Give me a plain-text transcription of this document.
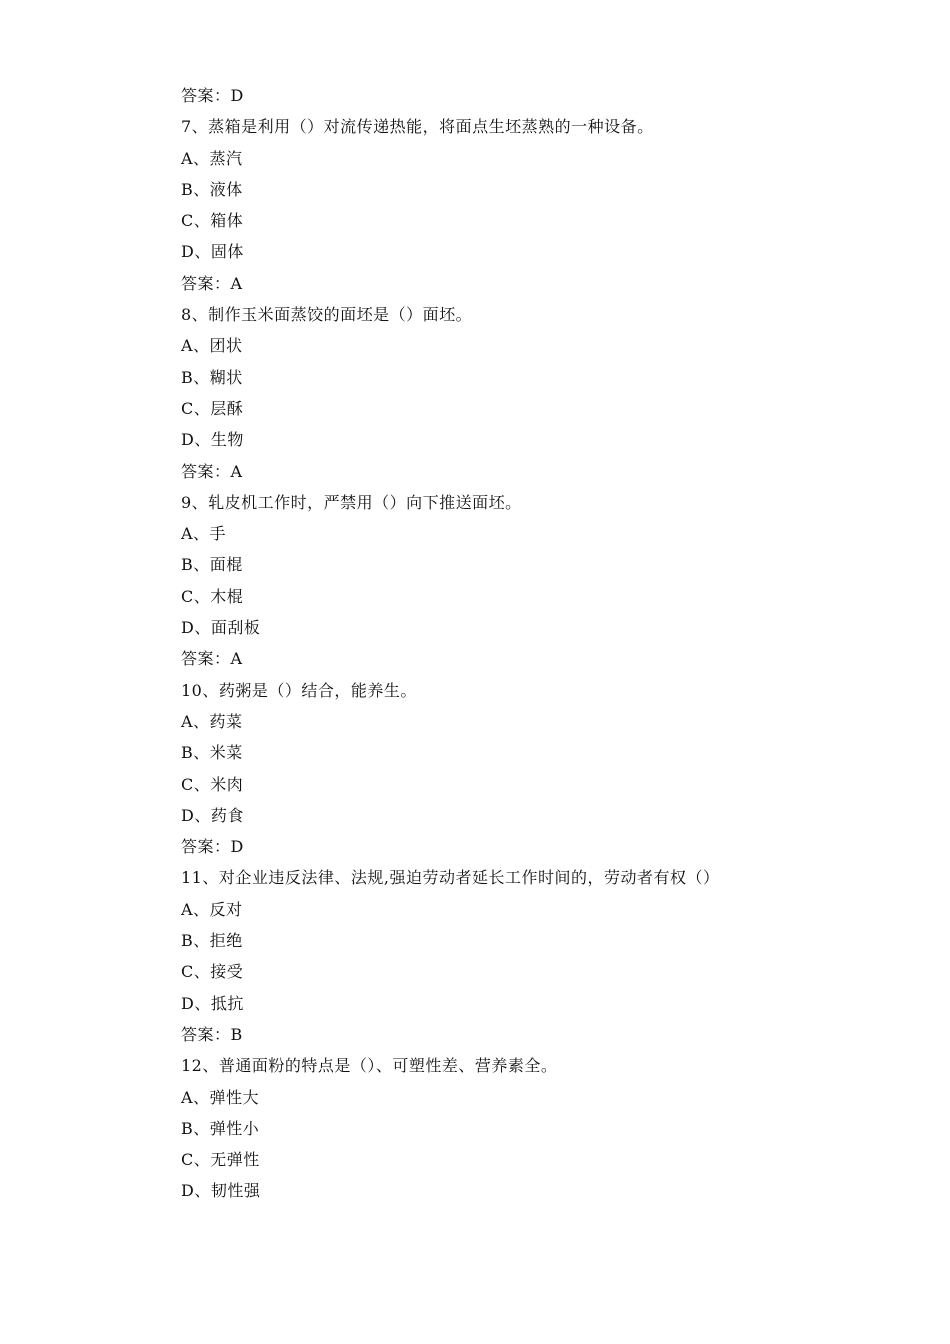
答案：D
7、蒸箱是利用（）对流传递热能，将面点生坯蒸熟的一种设备。
A、蒸汽
B、液体
C、箱体
D、固体
答案：A
8、制作玉米面蒸饺的面坯是（）面坯。
A、团状
B、糊状
C、层酥
D、生物
答案：A
9、轧皮机工作时，严禁用（）向下推送面坯。
A、手
B、面棍
C、木棍
D、面刮板
答案：A
10、药粥是（）结合，能养生。
A、药菜
B、米菜
C、米肉
D、药食
答案：D
11、对企业违反法律、法规,强迫劳动者延长工作时间的，劳动者有权（）
A、反对
B、拒绝
C、接受
D、抵抗
答案：B
12、普通面粉的特点是（）、可塑性差、营养素全。
A、弹性大
B、弹性小
C、无弹性
D、韧性强
